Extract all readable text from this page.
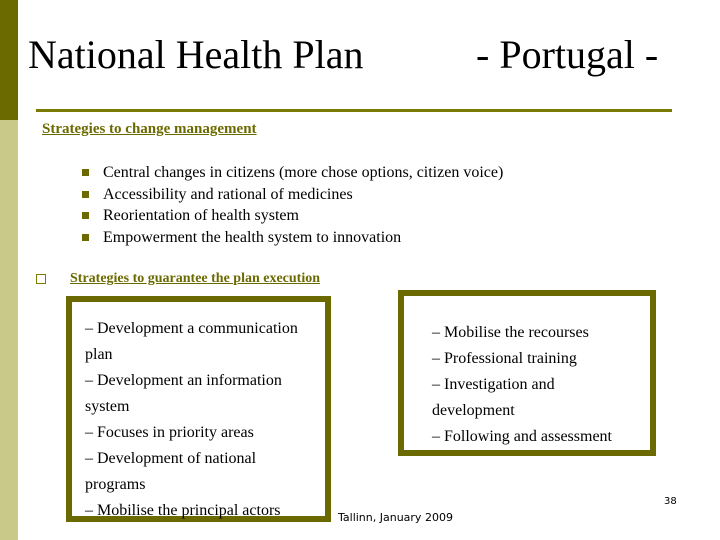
National Health Plan	- Portugal -
Strategies to change management
Central changes in citizens (more chose options, citizen voice)
Accessibility and rational of medicines
Reorientation of health system
Empowerment the health system to innovation
Strategies to guarantee the plan execution
– Development a communication
plan
– Development an information
system
– Focuses in priority areas
– Development of national
programs
– Mobilise the principal actors
– Mobilise the recourses
– Professional training
– Investigation and
development
– Following and assessment
Tallinn, January 2009
38
